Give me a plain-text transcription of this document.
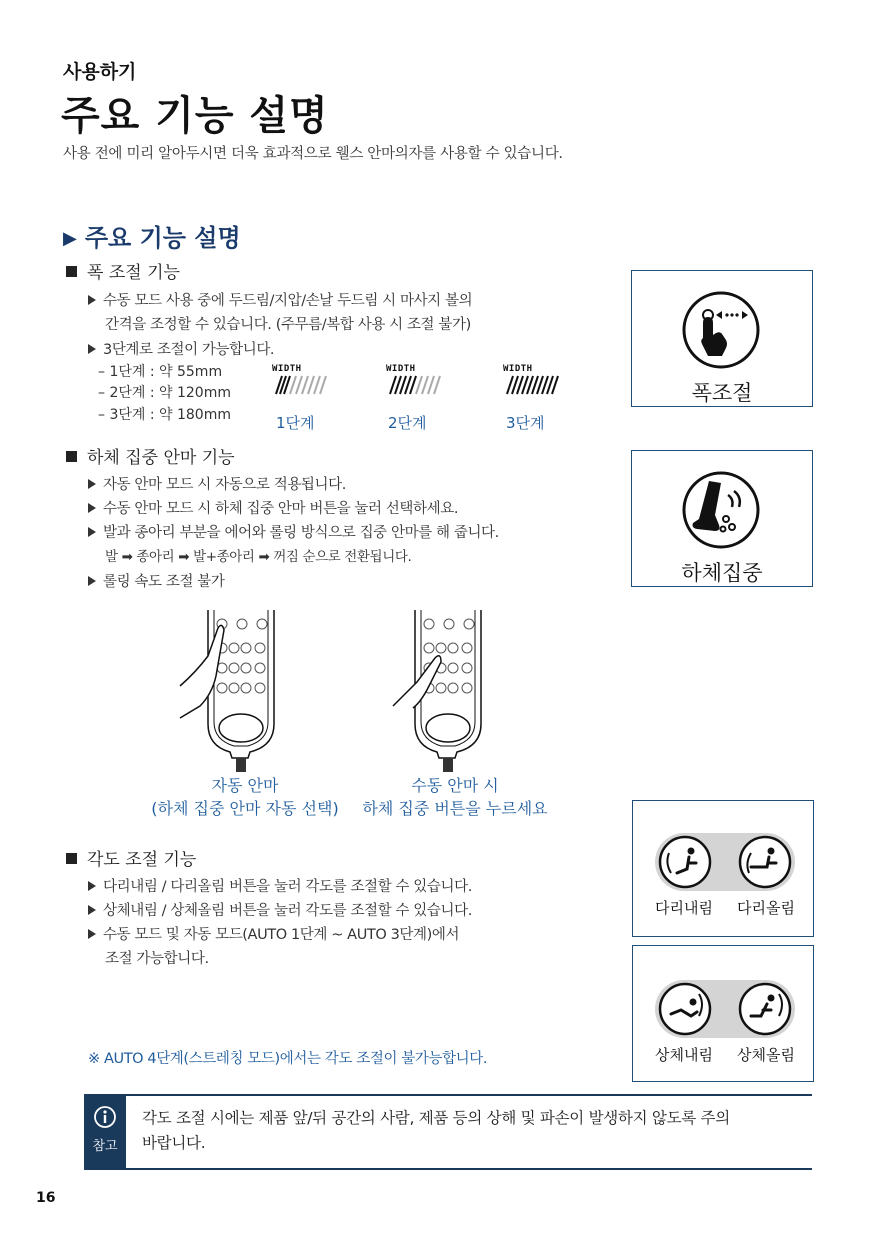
사용하기
주요 기능 설명
사용 전에 미리 알아두시면 더욱 효과적으로 웰스 안마의자를 사용할 수 있습니다.
▶ 주요 기능 설명
폭 조절 기능
수동 모드 사용 중에 두드림/지압/손날 두드림 시 마사지 볼의
간격을 조정할 수 있습니다. (주무름/복합 사용 시 조절 불가)
3단계로 조절이 가능합니다.
– 1단계 : 약 55mm
– 2단계 : 약 120mm
– 3단계 : 약 180mm
WIDTH	WIDTH	WIDTH
1단계	2단계	3단계
폭조절
하체 집중 안마 기능
자동 안마 모드 시 자동으로 적용됩니다.
수동 안마 모드 시 하체 집중 안마 버튼을 눌러 선택하세요.
발과 종아리 부분을 에어와 롤링 방식으로 집중 안마를 해 줍니다.
발 ➡ 종아리 ➡ 발+종아리 ➡ 꺼짐 순으로 전환됩니다.
롤링 속도 조절 불가	하체집중
자동 안마
(하체 집중 안마 자동 선택)
수동 안마 시
하체 집중 버튼을 누르세요
각도 조절 기능
다리내림 / 다리올림 버튼을 눌러 각도를 조절할 수 있습니다.
상체내림 / 상체올림 버튼을 눌러 각도를 조절할 수 있습니다.
수동 모드 및 자동 모드(AUTO 1단계 ~ AUTO 3단계)에서
조절 가능합니다.
※ AUTO 4단계(스트레칭 모드)에서는 각도 조절이 불가능합니다.
다리내림 다리올림
상체내림 상체올림
참고
각도 조절 시에는 제품 앞/뒤 공간의 사람, 제품 등의 상해 및 파손이 발생하지 않도록 주의
바랍니다.
16
